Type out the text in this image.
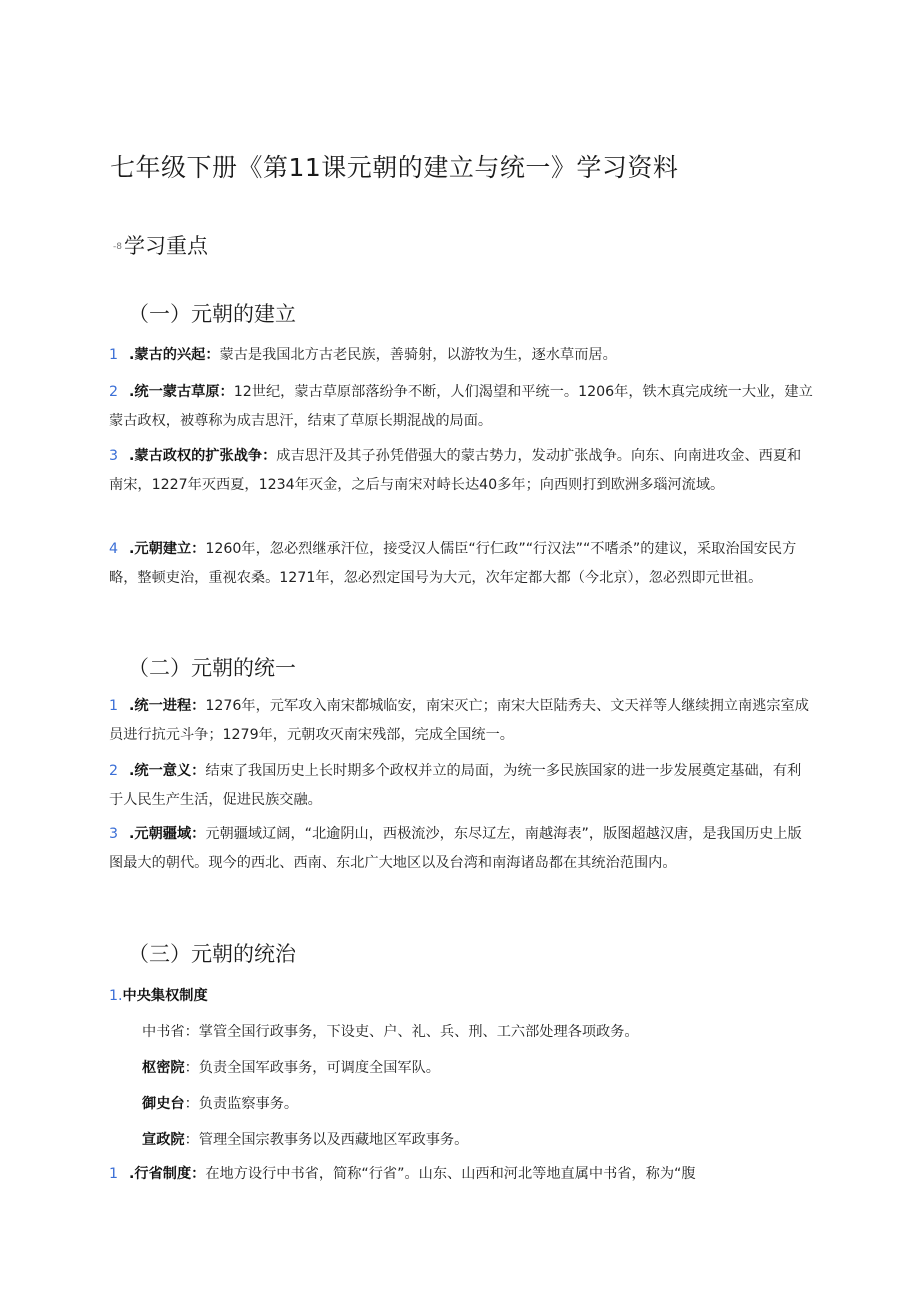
七年级下册《第11课元朝的建立与统一》学习资料
-8学习重点
（一）元朝的建立
1 .蒙古的兴起：蒙古是我国北方古老民族，善骑射，以游牧为生，逐水草而居。
2 .统一蒙古草原：12世纪，蒙古草原部落纷争不断，人们渴望和平统一。1206年，铁木真完成统一大业，建立蒙古政权，被尊称为成吉思汗，结束了草原长期混战的局面。
3 .蒙古政权的扩张战争：成吉思汗及其子孙凭借强大的蒙古势力，发动扩张战争。向东、向南进攻金、西夏和南宋，1227年灭西夏，1234年灭金，之后与南宋对峙长达40多年；向西则打到欧洲多瑙河流域。
4 .元朝建立：1260年，忽必烈继承汗位，接受汉人儒臣“行仁政”“行汉法”“不嗜杀”的建议，采取治国安民方略，整顿吏治，重视农桑。1271年，忽必烈定国号为大元，次年定都大都（今北京），忽必烈即元世祖。
（二）元朝的统一
1 .统一进程：1276年，元军攻入南宋都城临安，南宋灭亡；南宋大臣陆秀夫、文天祥等人继续拥立南逃宗室成员进行抗元斗争；1279年，元朝攻灭南宋残部，完成全国统一。
2 .统一意义：结束了我国历史上长时期多个政权并立的局面，为统一多民族国家的进一步发展奠定基础，有利于人民生产生活，促进民族交融。
3 .元朝疆域：元朝疆域辽阔，“北逾阴山，西极流沙，东尽辽左，南越海表”，版图超越汉唐，是我国历史上版图最大的朝代。现今的西北、西南、东北广大地区以及台湾和南海诸岛都在其统治范围内。
（三）元朝的统治
1.中央集权制度
中书省：掌管全国行政事务，下设吏、户、礼、兵、刑、工六部处理各项政务。
枢密院：负责全国军政事务，可调度全国军队。
御史台：负责监察事务。
宣政院：管理全国宗教事务以及西藏地区军政事务。
1 .行省制度：在地方设行中书省，简称“行省”。山东、山西和河北等地直属中书省，称为“腹
